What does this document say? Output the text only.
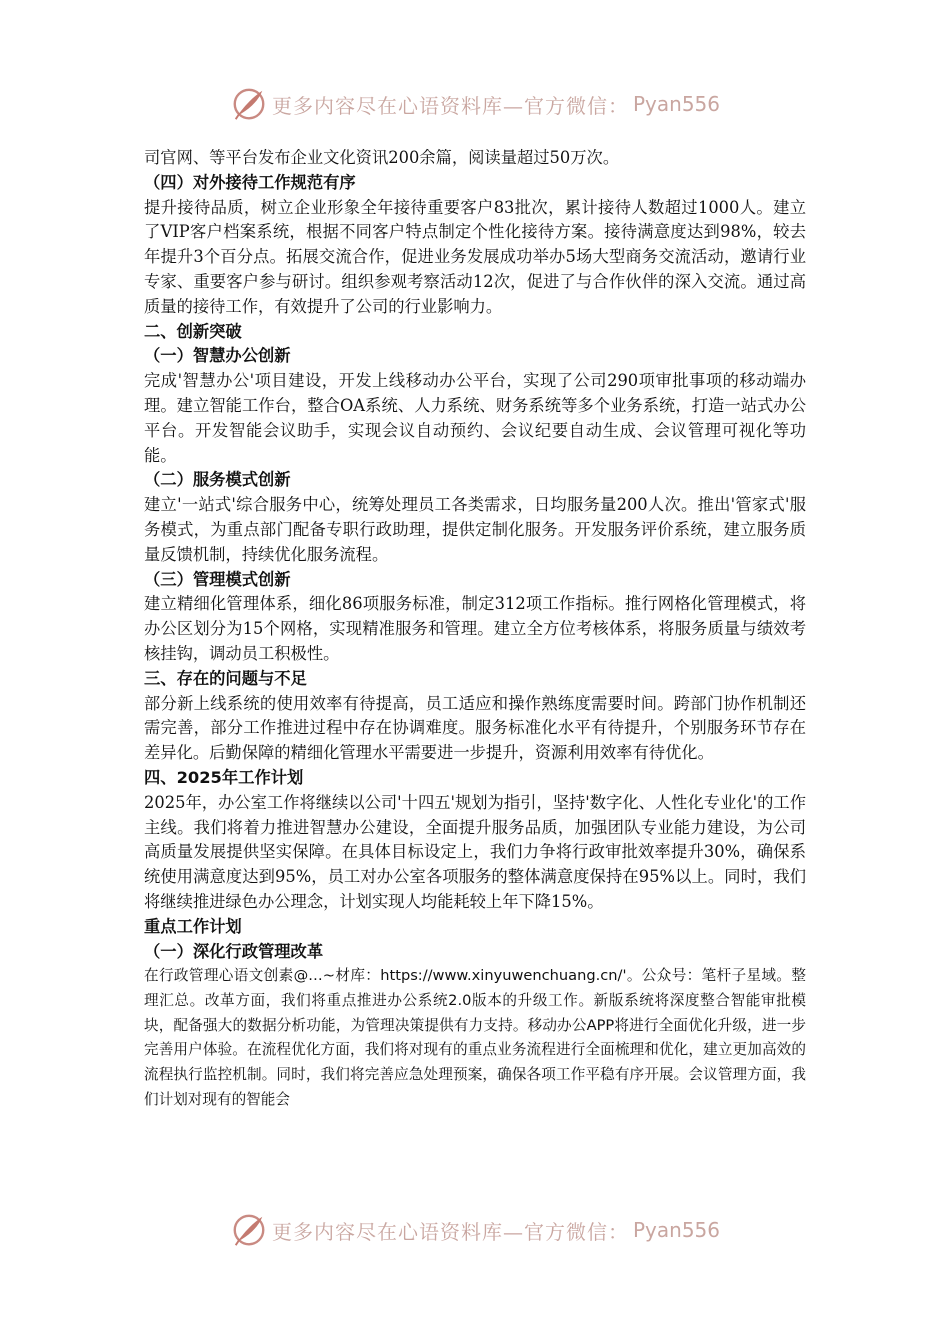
更多内容尽在心语资料库—官方微信： Pyan556

司官网、等平台发布企业文化资讯200余篇，阅读量超过50万次。

（四）对外接待工作规范有序

提升接待品质，树立企业形象全年接待重要客户83批次，累计接待人数超过1000人。建立了VIP客户档案系统，根据不同客户特点制定个性化接待方案。接待满意度达到98%，较去年提升3个百分点。拓展交流合作，促进业务发展成功举办5场大型商务交流活动，邀请行业专家、重要客户参与研讨。组织参观考察活动12次，促进了与合作伙伴的深入交流。通过高质量的接待工作，有效提升了公司的行业影响力。

二、创新突破
（一）智慧办公创新

完成'智慧办公'项目建设，开发上线移动办公平台，实现了公司290项审批事项的移动端办理。建立智能工作台，整合OA系统、人力系统、财务系统等多个业务系统，打造一站式办公平台。开发智能会议助手，实现会议自动预约、会议纪要自动生成、会议管理可视化等功能。

（二）服务模式创新

建立'一站式'综合服务中心，统筹处理员工各类需求，日均服务量200人次。推出'管家式'服务模式，为重点部门配备专职行政助理，提供定制化服务。开发服务评价系统，建立服务质量反馈机制，持续优化服务流程。

（三）管理模式创新

建立精细化管理体系，细化86项服务标准，制定312项工作指标。推行网格化管理模式，将办公区划分为15个网格，实现精准服务和管理。建立全方位考核体系，将服务质量与绩效考核挂钩，调动员工积极性。

三、存在的问题与不足

部分新上线系统的使用效率有待提高，员工适应和操作熟练度需要时间。跨部门协作机制还需完善，部分工作推进过程中存在协调难度。服务标准化水平有待提升，个别服务环节存在差异化。后勤保障的精细化管理水平需要进一步提升，资源利用效率有待优化。

四、2025年工作计划

2025年，办公室工作将继续以公司'十四五'规划为指引，坚持'数字化、人性化专业化'的工作主线。我们将着力推进智慧办公建设，全面提升服务品质，加强团队专业能力建设，为公司高质量发展提供坚实保障。在具体目标设定上，我们力争将行政审批效率提升30%，确保系统使用满意度达到95%，员工对办公室各项服务的整体满意度保持在95%以上。同时，我们将继续推进绿色办公理念，计划实现人均能耗较上年下降15%。

重点工作计划
（一）深化行政管理改革

在行政管理心语文创素@…~材库：https://www.xinyuwenchuang.cn/'。公众号：笔杆子星域。整理汇总。改革方面，我们将重点推进办公系统2.0版本的升级工作。新版系统将深度整合智能审批模块，配备强大的数据分析功能，为管理决策提供有力支持。移动办公APP将进行全面优化升级，进一步完善用户体验。在流程优化方面，我们将对现有的重点业务流程进行全面梳理和优化，建立更加高效的流程执行监控机制。同时，我们将完善应急处理预案，确保各项工作平稳有序开展。会议管理方面，我们计划对现有的智能会

更多内容尽在心语资料库—官方微信： Pyan556
